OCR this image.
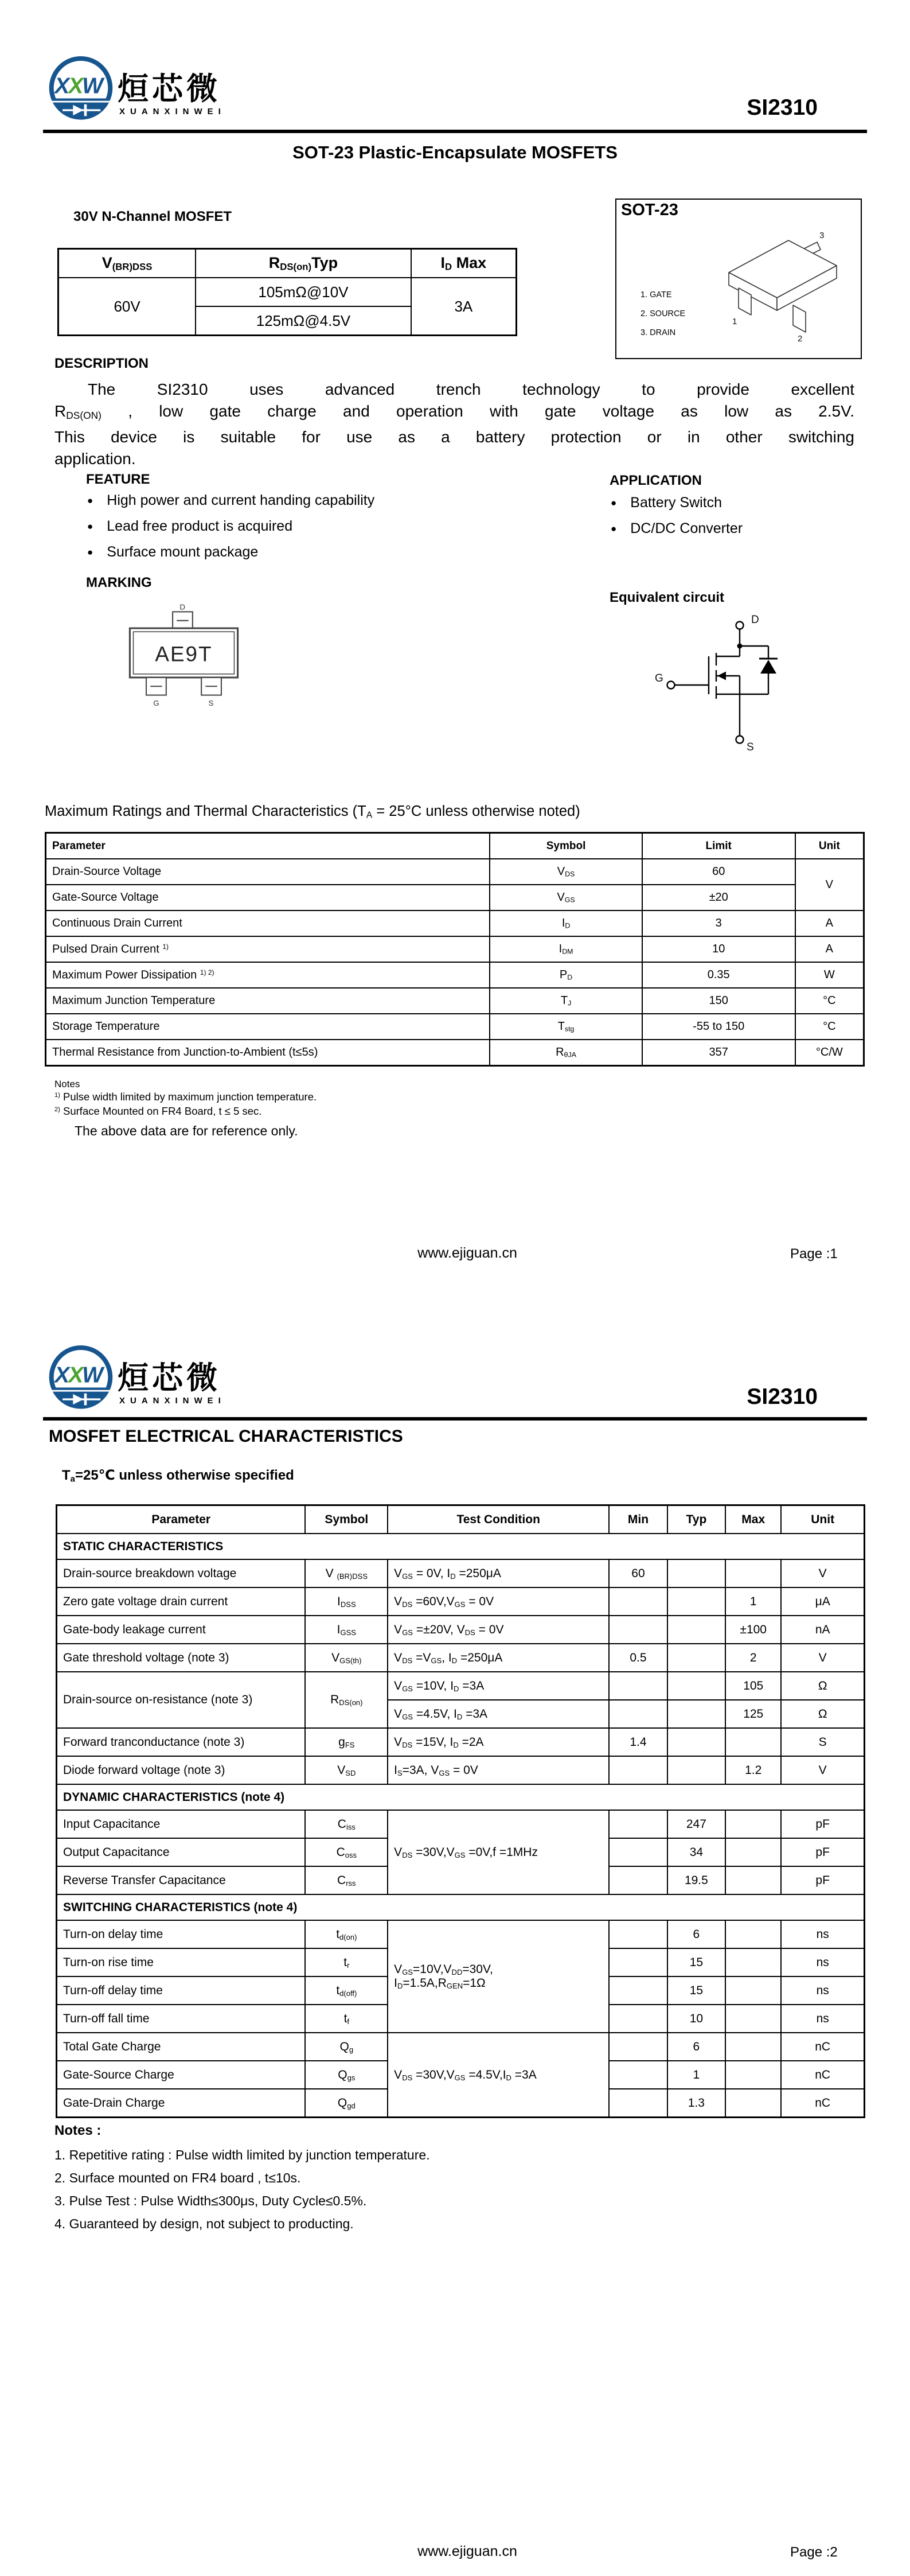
X
X
W 烜芯微
XUANXINWEI	SI2310
SOT-23 Plastic-Encapsulate MOSFETS
30V N-Channel MOSFET
$V_{(BR)DSS}$	$R_{DS(on)}Typ$	$I_D$ Max
60V	105mΩ@10V	3A
	125mΩ@4.5V	
SOT-23
1. GATE
2. SOURCE
3. DRAIN
1
2
3
DESCRIPTION
The SI2310 uses advanced trench technology to provide excellent
$R_{DS(ON)}$ , low gate charge and operation with gate voltage as low as 2.5V.
This device is suitable for use as a battery protection or in other switching
application.
FEATURE
● High power and current handing capability
● Lead free product is acquired
● Surface mount package
APPLICATION
● Battery Switch
● DC/DC Converter
MARKING
AE9T
D
G	S
Equivalent circuit
D
G
S
Maximum Ratings and Thermal Characteristics ($T_A = 25^\circ C$ unless otherwise noted)
Parameter	Symbol	Limit	Unit
Drain-Source Voltage	$V_{DS}$	60	V
Gate-Source Voltage	$V_{GS}$	±20	
Continuous Drain Current	$I_D$	3	A
Pulsed Drain Current $^{1)}$	$I_{DM}$	10	A
Maximum Power Dissipation $^{1) 2)}$	$P_D$	0.35	W
Maximum Junction Temperature	$T_J$	150	°C
Storage Temperature	$T_{stg}$	-55 to 150	°C
Thermal Resistance from Junction-to-Ambient (t≤5s)	$R_{\theta JA}$	357	°C/W
Notes
$^{1)}$ Pulse width limited by maximum junction temperature.
$^{2)}$ Surface Mounted on FR4 Board, t ≤ 5 sec.
The above data are for reference only.
www.ejiguan.cn	Page :1
X
X
W 烜芯微
XUANXINWEI	SI2310
MOSFET ELECTRICAL CHARACTERISTICS
$T_a=25℃$ unless otherwise specified
Parameter	Symbol	Test Condition	Min	Typ	Max	Unit
STATIC CHARACTERISTICS						
Drain-source breakdown voltage	V $_{(BR)DSS}$	$V_{GS} = 0V$, $I_D =250\mu A$	60			V
Zero gate voltage drain current	$I_{DSS}$	$V_{DS} =60V,V_{GS} = 0V$			1	μA
Gate-body leakage current	$I_{GSS}$	$V_{GS} =\pm 20V$, $V_{DS} = 0V$			±100	nA
Gate threshold voltage (note 3)	$V_{GS(th)}$	$V_{DS} =V_{GS}$, $I_D =250\mu A$	0.5		2	V
Drain-source on-resistance (note 3)	$R_{DS(on)}$	$V_{GS} =10V$, $I_D =3A$			105	Ω
		$V_{GS} =4.5V$, $I_D =3A$			125	Ω
Forward tranconductance (note 3)	$g_{FS}$	$V_{DS} =15V$, $I_D =2A$	1.4			S
Diode forward voltage (note 3)	$V_{SD}$	$I_S=3A$, $V_{GS} = 0V$			1.2	V
DYNAMIC CHARACTERISTICS (note 4)						
Input Capacitance	$C_{iss}$	$V_{DS} =30V,V_{GS} =0V,f =1MHz$		247		pF
Output Capacitance	$C_{oss}$			34		pF
Reverse Transfer Capacitance	$C_{rss}$			19.5		pF
SWITCHING CHARACTERISTICS (note 4)						
Turn-on delay time	$t_{d(on)}$	$V_{GS}=10V,V_{DD}=30V$,
$I_D=1.5A,R_{GEN}=1\Omega$		6		ns
Turn-on rise time	$t_r$			15		ns
Turn-off delay time	$t_{d(off)}$			15		ns
Turn-off fall time	$t_f$			10		ns
Total Gate Charge	$Q_g$	$V_{DS} =30V,V_{GS} =4.5V,I_D =3A$		6		nC
Gate-Source Charge	$Q_{gs}$			1		nC
Gate-Drain Charge	$Q_{gd}$			1.3		nC
Notes :
1. Repetitive rating : Pulse width limited by junction temperature.
2. Surface mounted on FR4 board , t≤10s.
3. Pulse Test : Pulse Width≤300μs, Duty Cycle≤0.5%.
4. Guaranteed by design, not subject to producting.
www.ejiguan.cn	Page :2
